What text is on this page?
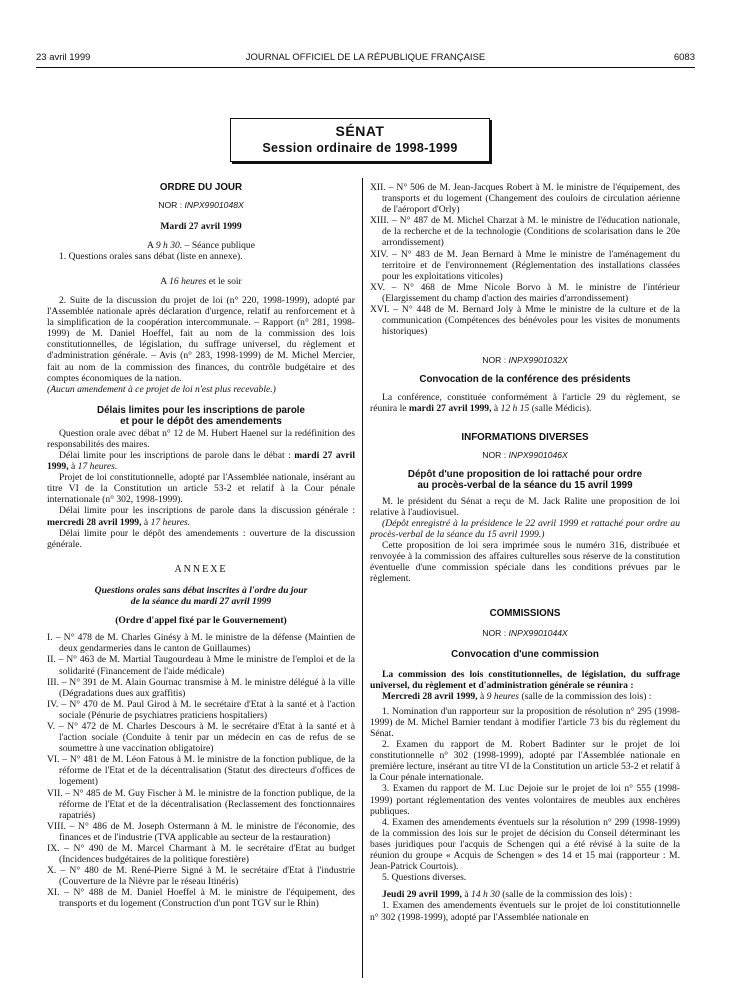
23 avril 1999	JOURNAL OFFICIEL DE LA RÉPUBLIQUE FRANÇAISE	6083
SÉNAT
Session ordinaire de 1998-1999
ORDRE DU JOUR
NOR : INPX9901048X

Mardi 27 avril 1999

A 9 h 30. – Séance publique

1. Questions orales sans débat (liste en annexe).

A 16 heures et le soir

2. Suite de la discussion du projet de loi (n° 220, 1998-1999), adopté par l'Assemblée nationale après déclaration d'urgence, relatif au renforcement et à la simplification de la coopération intercommunale. – Rapport (n° 281, 1998-1999) de M. Daniel Hoeffel, fait au nom de la commission des lois constitutionnelles, de législation, du suffrage universel, du règlement et d'administration générale. – Avis (n° 283, 1998-1999) de M. Michel Mercier, fait au nom de la commission des finances, du contrôle budgétaire et des comptes économiques de la nation.

(Aucun amendement à ce projet de loi n'est plus recevable.)

Délais limites pour les inscriptions de parole
et pour le dépôt des amendements

Question orale avec débat n° 12 de M. Hubert Haenel sur la redéfinition des responsabilités des maires.

Délai limite pour les inscriptions de parole dans le débat : mardi 27 avril 1999, à 17 heures.

Projet de loi constitutionnelle, adopté par l'Assemblée nationale, insérant au titre VI de la Constitution un article 53-2 et relatif à la Cour pénale internationale (n° 302, 1998-1999).

Délai limite pour les inscriptions de parole dans la discussion générale : mercredi 28 avril 1999, à 17 heures.

Délai limite pour le dépôt des amendements : ouverture de la discussion générale.

ANNEXE

Questions orales sans débat inscrites à l'ordre du jour
de la séance du mardi 27 avril 1999

(Ordre d'appel fixé par le Gouvernement)

I. – N° 478 de M. Charles Ginésy à M. le ministre de la défense (Maintien de deux gendarmeries dans le canton de Guillaumes)

II. – N° 463 de M. Martial Taugourdeau à Mme le ministre de l'emploi et de la solidarité (Financement de l'aide médicale)

III. – N° 391 de M. Alain Gournac transmise à M. le ministre délégué à la ville (Dégradations dues aux graffitis)

IV. – N° 470 de M. Paul Girod à M. le secrétaire d'Etat à la santé et à l'action sociale (Pénurie de psychiatres praticiens hospitaliers)

V. – N° 472 de M. Charles Descours à M. le secrétaire d'Etat à la santé et à l'action sociale (Conduite à tenir par un médecin en cas de refus de se soumettre à une vaccination obligatoire)

VI. – N° 481 de M. Léon Fatous à M. le ministre de la fonction publique, de la réforme de l'Etat et de la décentralisation (Statut des directeurs d'offices de logement)

VII. – N° 485 de M. Guy Fischer à M. le ministre de la fonction publique, de la réforme de l'Etat et de la décentralisation (Reclassement des fonctionnaires rapatriés)

VIII. – N° 486 de M. Joseph Ostermann à M. le ministre de l'économie, des finances et de l'industrie (TVA applicable au secteur de la restauration)

IX. – N° 490 de M. Marcel Charmant à M. le secrétaire d'Etat au budget (Incidences budgétaires de la politique forestière)

X. – N° 480 de M. René-Pierre Signé à M. le secrétaire d'Etat à l'industrie (Couverture de la Nièvre par le réseau Itinéris)

XI. – N° 488 de M. Daniel Hoeffel à M. le ministre de l'équipement, des transports et du logement (Construction d'un pont TGV sur le Rhin)

XII. – N° 506 de M. Jean-Jacques Robert à M. le ministre de l'équipement, des transports et du logement (Changement des couloirs de circulation aérienne de l'aéroport d'Orly)

XIII. – N° 487 de M. Michel Charzat à M. le ministre de l'éducation nationale, de la recherche et de la technologie (Conditions de scolarisation dans le 20e arrondissement)

XIV. – N° 483 de M. Jean Bernard à Mme le ministre de l'aménagement du territoire et de l'environnement (Réglementation des installations classées pour les exploitations viticoles)

XV. – N° 468 de Mme Nicole Borvo à M. le ministre de l'intérieur (Elargissement du champ d'action des mairies d'arrondissement)

XVI. – N° 448 de M. Bernard Joly à Mme le ministre de la culture et de la communication (Compétences des bénévoles pour les visites de monuments historiques)

NOR : INPX9901032X
Convocation de la conférence des présidents

La conférence, constituée conformément à l'article 29 du règlement, se réunira le mardi 27 avril 1999, à 12 h 15 (salle Médicis).

INFORMATIONS DIVERSES
NOR : INPX9901046X
Dépôt d'une proposition de loi rattaché pour ordre
au procès-verbal de la séance du 15 avril 1999

M. le président du Sénat a reçu de M. Jack Ralite une proposition de loi relative à l'audiovisuel.

(Dépôt enregistré à la présidence le 22 avril 1999 et rattaché pour ordre au procès-verbal de la séance du 15 avril 1999.)

Cette proposition de loi sera imprimée sous le numéro 316, distribuée et renvoyée à la commission des affaires culturelles sous réserve de la constitution éventuelle d'une commission spéciale dans les conditions prévues par le règlement.

COMMISSIONS
NOR : INPX9901044X
Convocation d'une commission

La commission des lois constitutionnelles, de législation, du suffrage universel, du règlement et d'administration générale se réunira :

Mercredi 28 avril 1999, à 9 heures (salle de la commission des lois) :

1. Nomination d'un rapporteur sur la proposition de résolution n° 295 (1998-1999) de M. Michel Barnier tendant à modifier l'article 73 bis du règlement du Sénat.

2. Examen du rapport de M. Robert Badinter sur le projet de loi constitutionnelle n° 302 (1998-1999), adopté par l'Assemblée nationale en première lecture, insérant au titre VI de la Constitution un article 53-2 et relatif à la Cour pénale internationale.

3. Examen du rapport de M. Luc Dejoie sur le projet de loi n° 555 (1998-1999) portant réglementation des ventes volontaires de meubles aux enchères publiques.

4. Examen des amendements éventuels sur la résolution n° 299 (1998-1999) de la commission des lois sur le projet de décision du Conseil déterminant les bases juridiques pour l'acquis de Schengen qui a été révisé à la suite de la réunion du groupe « Acquis de Schengen » des 14 et 15 mai (rapporteur : M. Jean-Patrick Courtois).

5. Questions diverses.

Jeudi 29 avril 1999, à 14 h 30 (salle de la commission des lois) :

1. Examen des amendements éventuels sur le projet de loi constitutionnelle n° 302 (1998-1999), adopté par l'Assemblée nationale en
